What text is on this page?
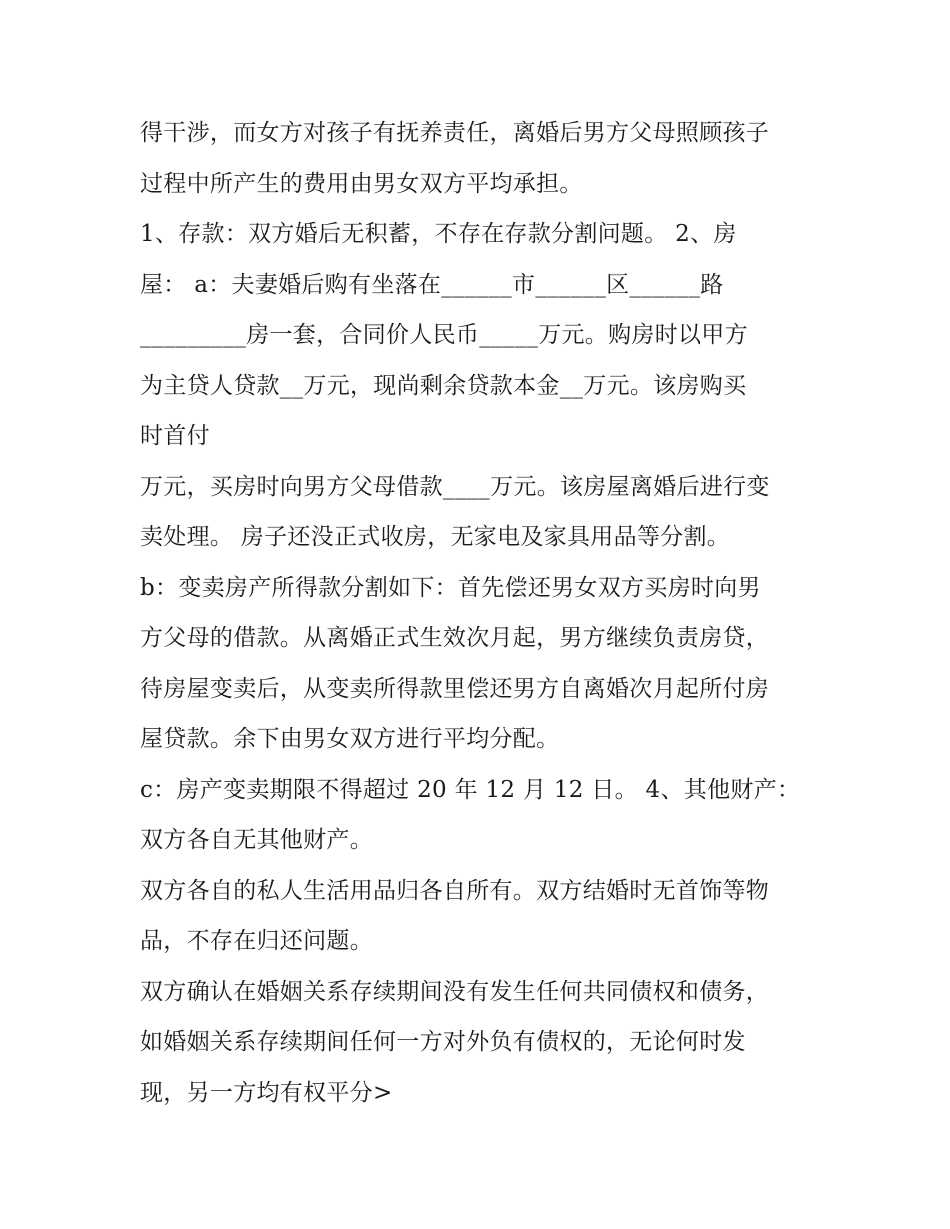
得干涉，而女方对孩子有抚养责任，离婚后男方父母照顾孩子
过程中所产生的费用由男女双方平均承担。
1、存款：双方婚后无积蓄，不存在存款分割问题。 2、房
屋： a：夫妻婚后购有坐落在______市______区______路
_________房一套，合同价人民币_____万元。购房时以甲方
为主贷人贷款__万元，现尚剩余贷款本金__万元。该房购买
时首付
万元，买房时向男方父母借款____万元。该房屋离婚后进行变
卖处理。 房子还没正式收房，无家电及家具用品等分割。
b：变卖房产所得款分割如下：首先偿还男女双方买房时向男
方父母的借款。从离婚正式生效次月起，男方继续负责房贷，
待房屋变卖后，从变卖所得款里偿还男方自离婚次月起所付房
屋贷款。余下由男女双方进行平均分配。
c：房产变卖期限不得超过 20 年 12 月 12 日。 4、其他财产：
双方各自无其他财产。
双方各自的私人生活用品归各自所有。双方结婚时无首饰等物
品，不存在归还问题。
双方确认在婚姻关系存续期间没有发生任何共同债权和债务，
如婚姻关系存续期间任何一方对外负有债权的，无论何时发
现，另一方均有权平分>
